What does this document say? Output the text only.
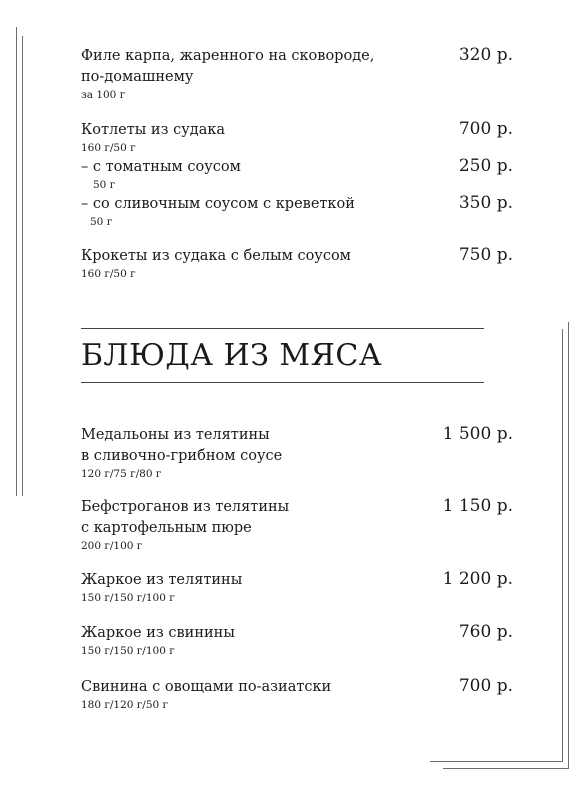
Филе карпа, жаренного на сковороде,	320 р.
по-домашнему
за 100 г
Котлеты из судака	700 р.
160 г/50 г
– с томатным соусом	250 р.
50 г
– со сливочным соусом с креветкой	350 р.
50 г
Крокеты из судака с белым соусом	750 р.
160 г/50 г
БЛЮДА ИЗ МЯСА
Медальоны из телятины	1 500 р.
в сливочно-грибном соусе
120 г/75 г/80 г
Бефстроганов из телятины	1 150 р.
с картофельным пюре
200 г/100 г
Жаркое из телятины	1 200 р.
150 г/150 г/100 г
Жаркое из свинины	760 р.
150 г/150 г/100 г
Свинина с овощами по-азиатски	700 р.
180 г/120 г/50 г
